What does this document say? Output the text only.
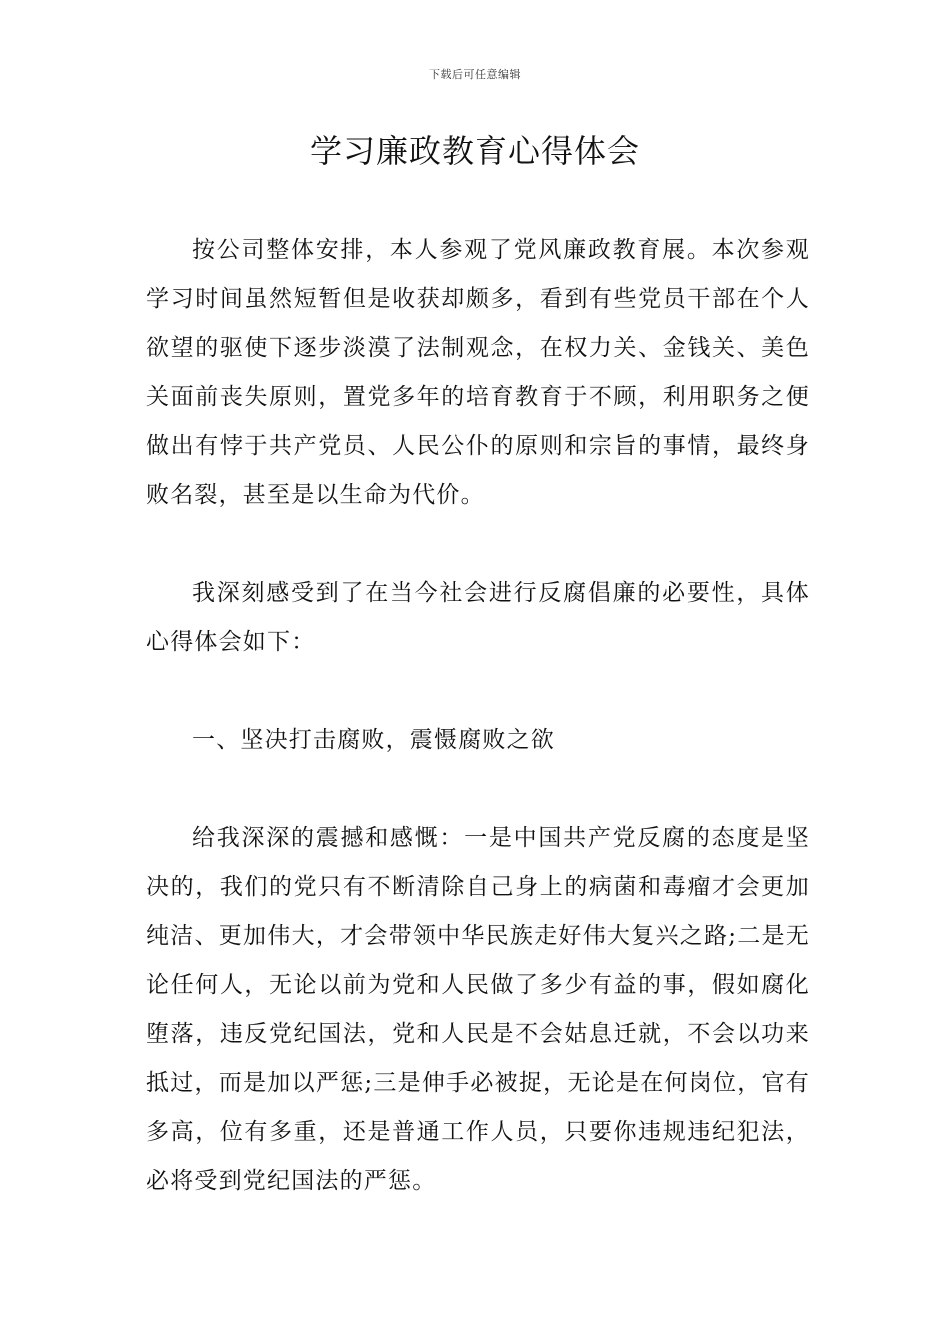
下载后可任意编辑
学习廉政教育心得体会

按公司整体安排，本人参观了党风廉政教育展。本次参观学习时间虽然短暂但是收获却颇多，看到有些党员干部在个人欲望的驱使下逐步淡漠了法制观念，在权力关、金钱关、美色关面前丧失原则，置党多年的培育教育于不顾，利用职务之便做出有悖于共产党员、人民公仆的原则和宗旨的事情，最终身败名裂，甚至是以生命为代价。

我深刻感受到了在当今社会进行反腐倡廉的必要性，具体心得体会如下：

一、坚决打击腐败，震慑腐败之欲

给我深深的震撼和感慨：一是中国共产党反腐的态度是坚决的，我们的党只有不断清除自己身上的病菌和毒瘤才会更加纯洁、更加伟大，才会带领中华民族走好伟大复兴之路;二是无论任何人，无论以前为党和人民做了多少有益的事，假如腐化堕落，违反党纪国法，党和人民是不会姑息迁就，不会以功来抵过，而是加以严惩;三是伸手必被捉，无论是在何岗位，官有多高，位有多重，还是普通工作人员，只要你违规违纪犯法，必将受到党纪国法的严惩。
